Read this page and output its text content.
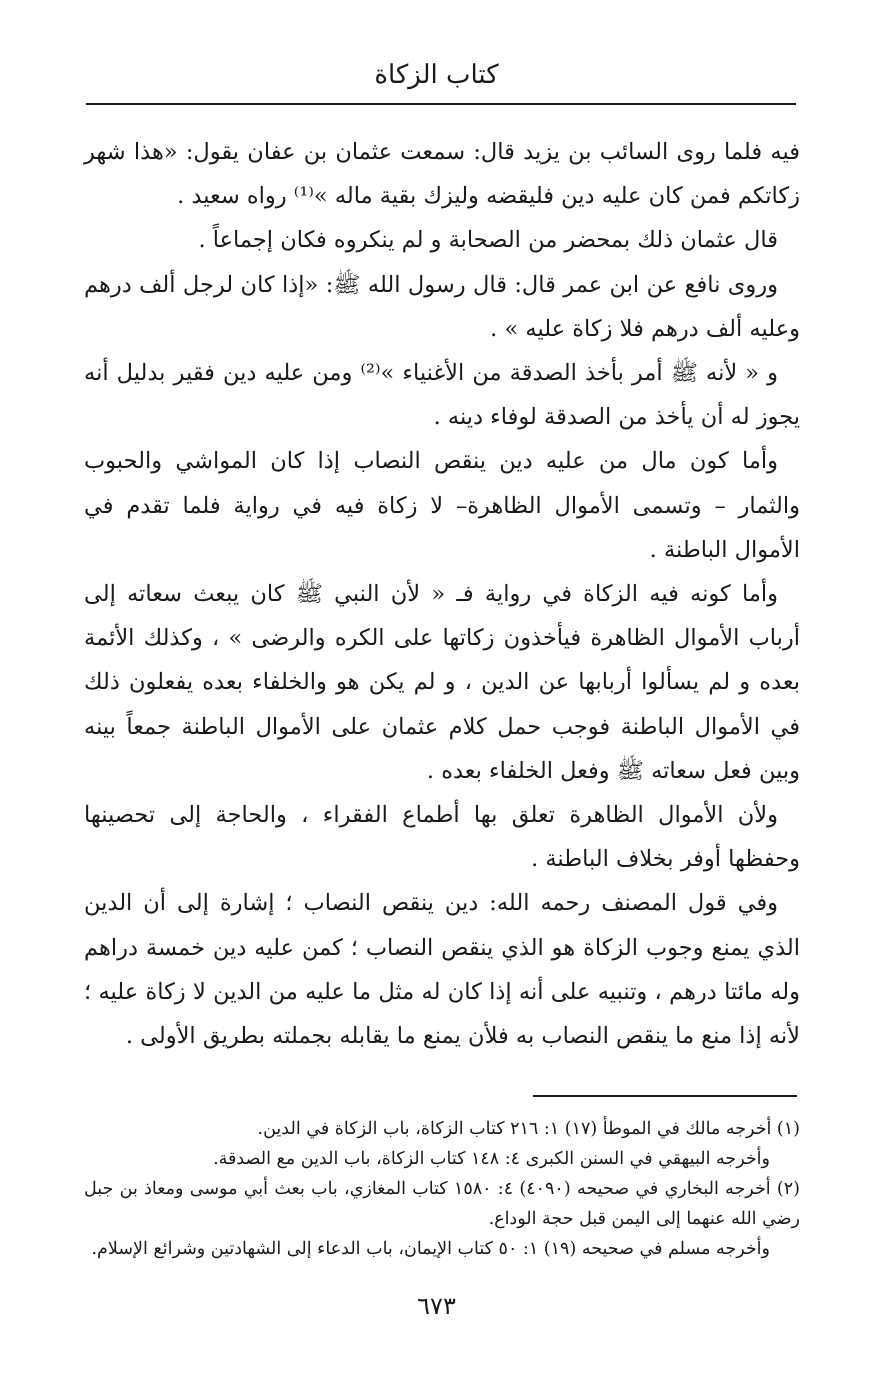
كتاب الزكاة

فيه فلما روى السائب بن يزيد قال: سمعت عثمان بن عفان يقول: «هذا شهر زكاتكم فمن كان عليه دين فليقضه وليزك بقية ماله »⁽¹⁾ رواه سعيد .

قال عثمان ذلك بمحضر من الصحابة و لم ينكروه فكان إجماعاً .

وروى نافع عن ابن عمر قال: قال رسول الله ﷺ: «إذا كان لرجل ألف درهم وعليه ألف درهم فلا زكاة عليه » .

و « لأنه ﷺ أمر بأخذ الصدقة من الأغنياء »⁽²⁾ ومن عليه دين فقير بدليل أنه يجوز له أن يأخذ من الصدقة لوفاء دينه .

وأما كون مال من عليه دين ينقص النصاب إذا كان المواشي والحبوب والثمار – وتسمى الأموال الظاهرة– لا زكاة فيه في رواية فلما تقدم في الأموال الباطنة .

وأما كونه فيه الزكاة في رواية فـ « لأن النبي ﷺ كان يبعث سعاته إلى أرباب الأموال الظاهرة فيأخذون زكاتها على الكره والرضى » ، وكذلك الأئمة بعده و لم يسألوا أربابها عن الدين ، و لم يكن هو والخلفاء بعده يفعلون ذلك في الأموال الباطنة فوجب حمل كلام عثمان على الأموال الباطنة جمعاً بينه وبين فعل سعاته ﷺ وفعل الخلفاء بعده .

ولأن الأموال الظاهرة تعلق بها أطماع الفقراء ، والحاجة إلى تحصينها وحفظها أوفر بخلاف الباطنة .

وفي قول المصنف رحمه الله: دين ينقص النصاب ؛ إشارة إلى أن الدين الذي يمنع وجوب الزكاة هو الذي ينقص النصاب ؛ كمن عليه دين خمسة دراهم وله مائتا درهم ، وتنبيه على أنه إذا كان له مثل ما عليه من الدين لا زكاة عليه ؛ لأنه إذا منع ما ينقص النصاب به فلأن يمنع ما يقابله بجملته بطريق الأولى .

(١) أخرجه مالك في الموطأ (١٧) ١: ٢١٦ كتاب الزكاة، باب الزكاة في الدين.

وأخرجه البيهقي في السنن الكبرى ٤: ١٤٨ كتاب الزكاة، باب الدين مع الصدقة.

(٢) أخرجه البخاري في صحيحه (٤٠٩٠) ٤: ١٥٨٠ كتاب المغازي، باب بعث أبي موسى ومعاذ بن جبل رضي الله عنهما إلى اليمن قبل حجة الوداع.

وأخرجه مسلم في صحيحه (١٩) ١: ٥٠ كتاب الإيمان، باب الدعاء إلى الشهادتين وشرائع الإسلام.

٦٧٣
